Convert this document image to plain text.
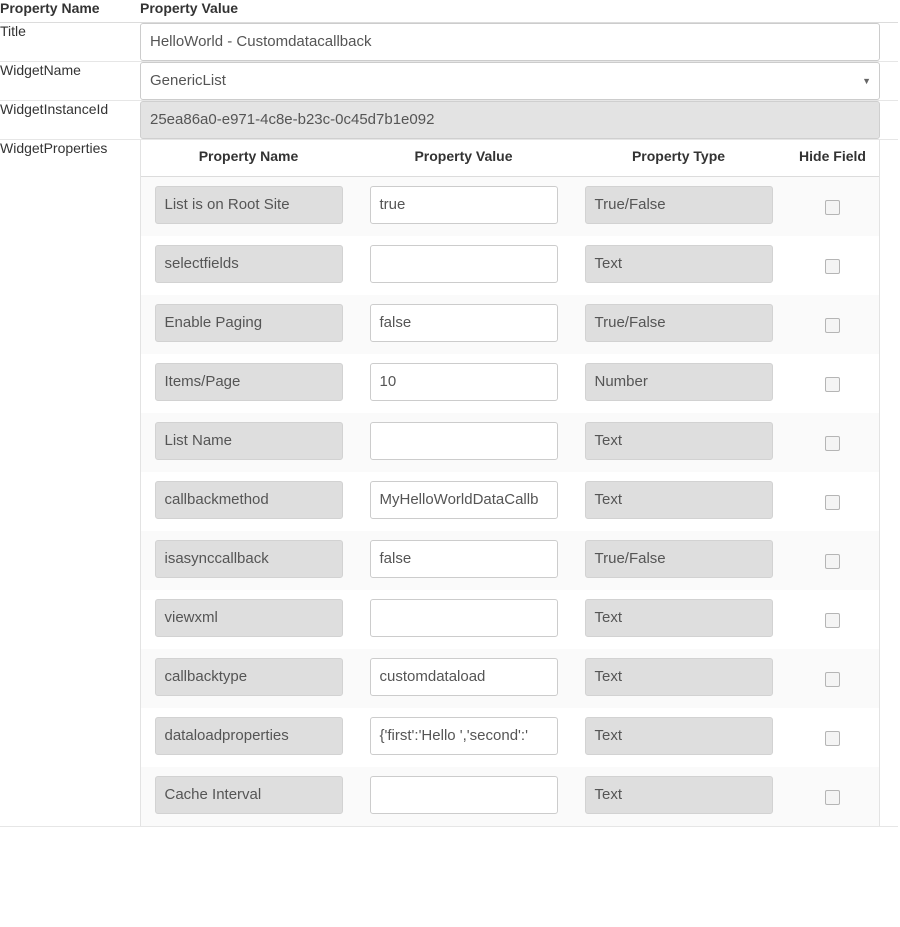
Property Name	Property Value
Title	
HelloWorld - Customdatacallback

WidgetName	
GenericList	▼

WidgetInstanceId	
25ea86a0-e971-4c8e-b23c-0c45d7b1e092

WidgetProperties		Property Name	Property Value	Property Type	Hide Field
List is on Root Site	true	True/False	
selectfields		Text	
Enable Paging	false	True/False	
Items/Page	10	Number	
List Name		Text	
callbackmethod	MyHelloWorldDataCallb	Text	
isasynccallback	false	True/False	
viewxml		Text	
callbacktype	customdataload	Text	
dataloadproperties	{'first':'Hello ','second':'	Text	
Cache Interval		Text	
